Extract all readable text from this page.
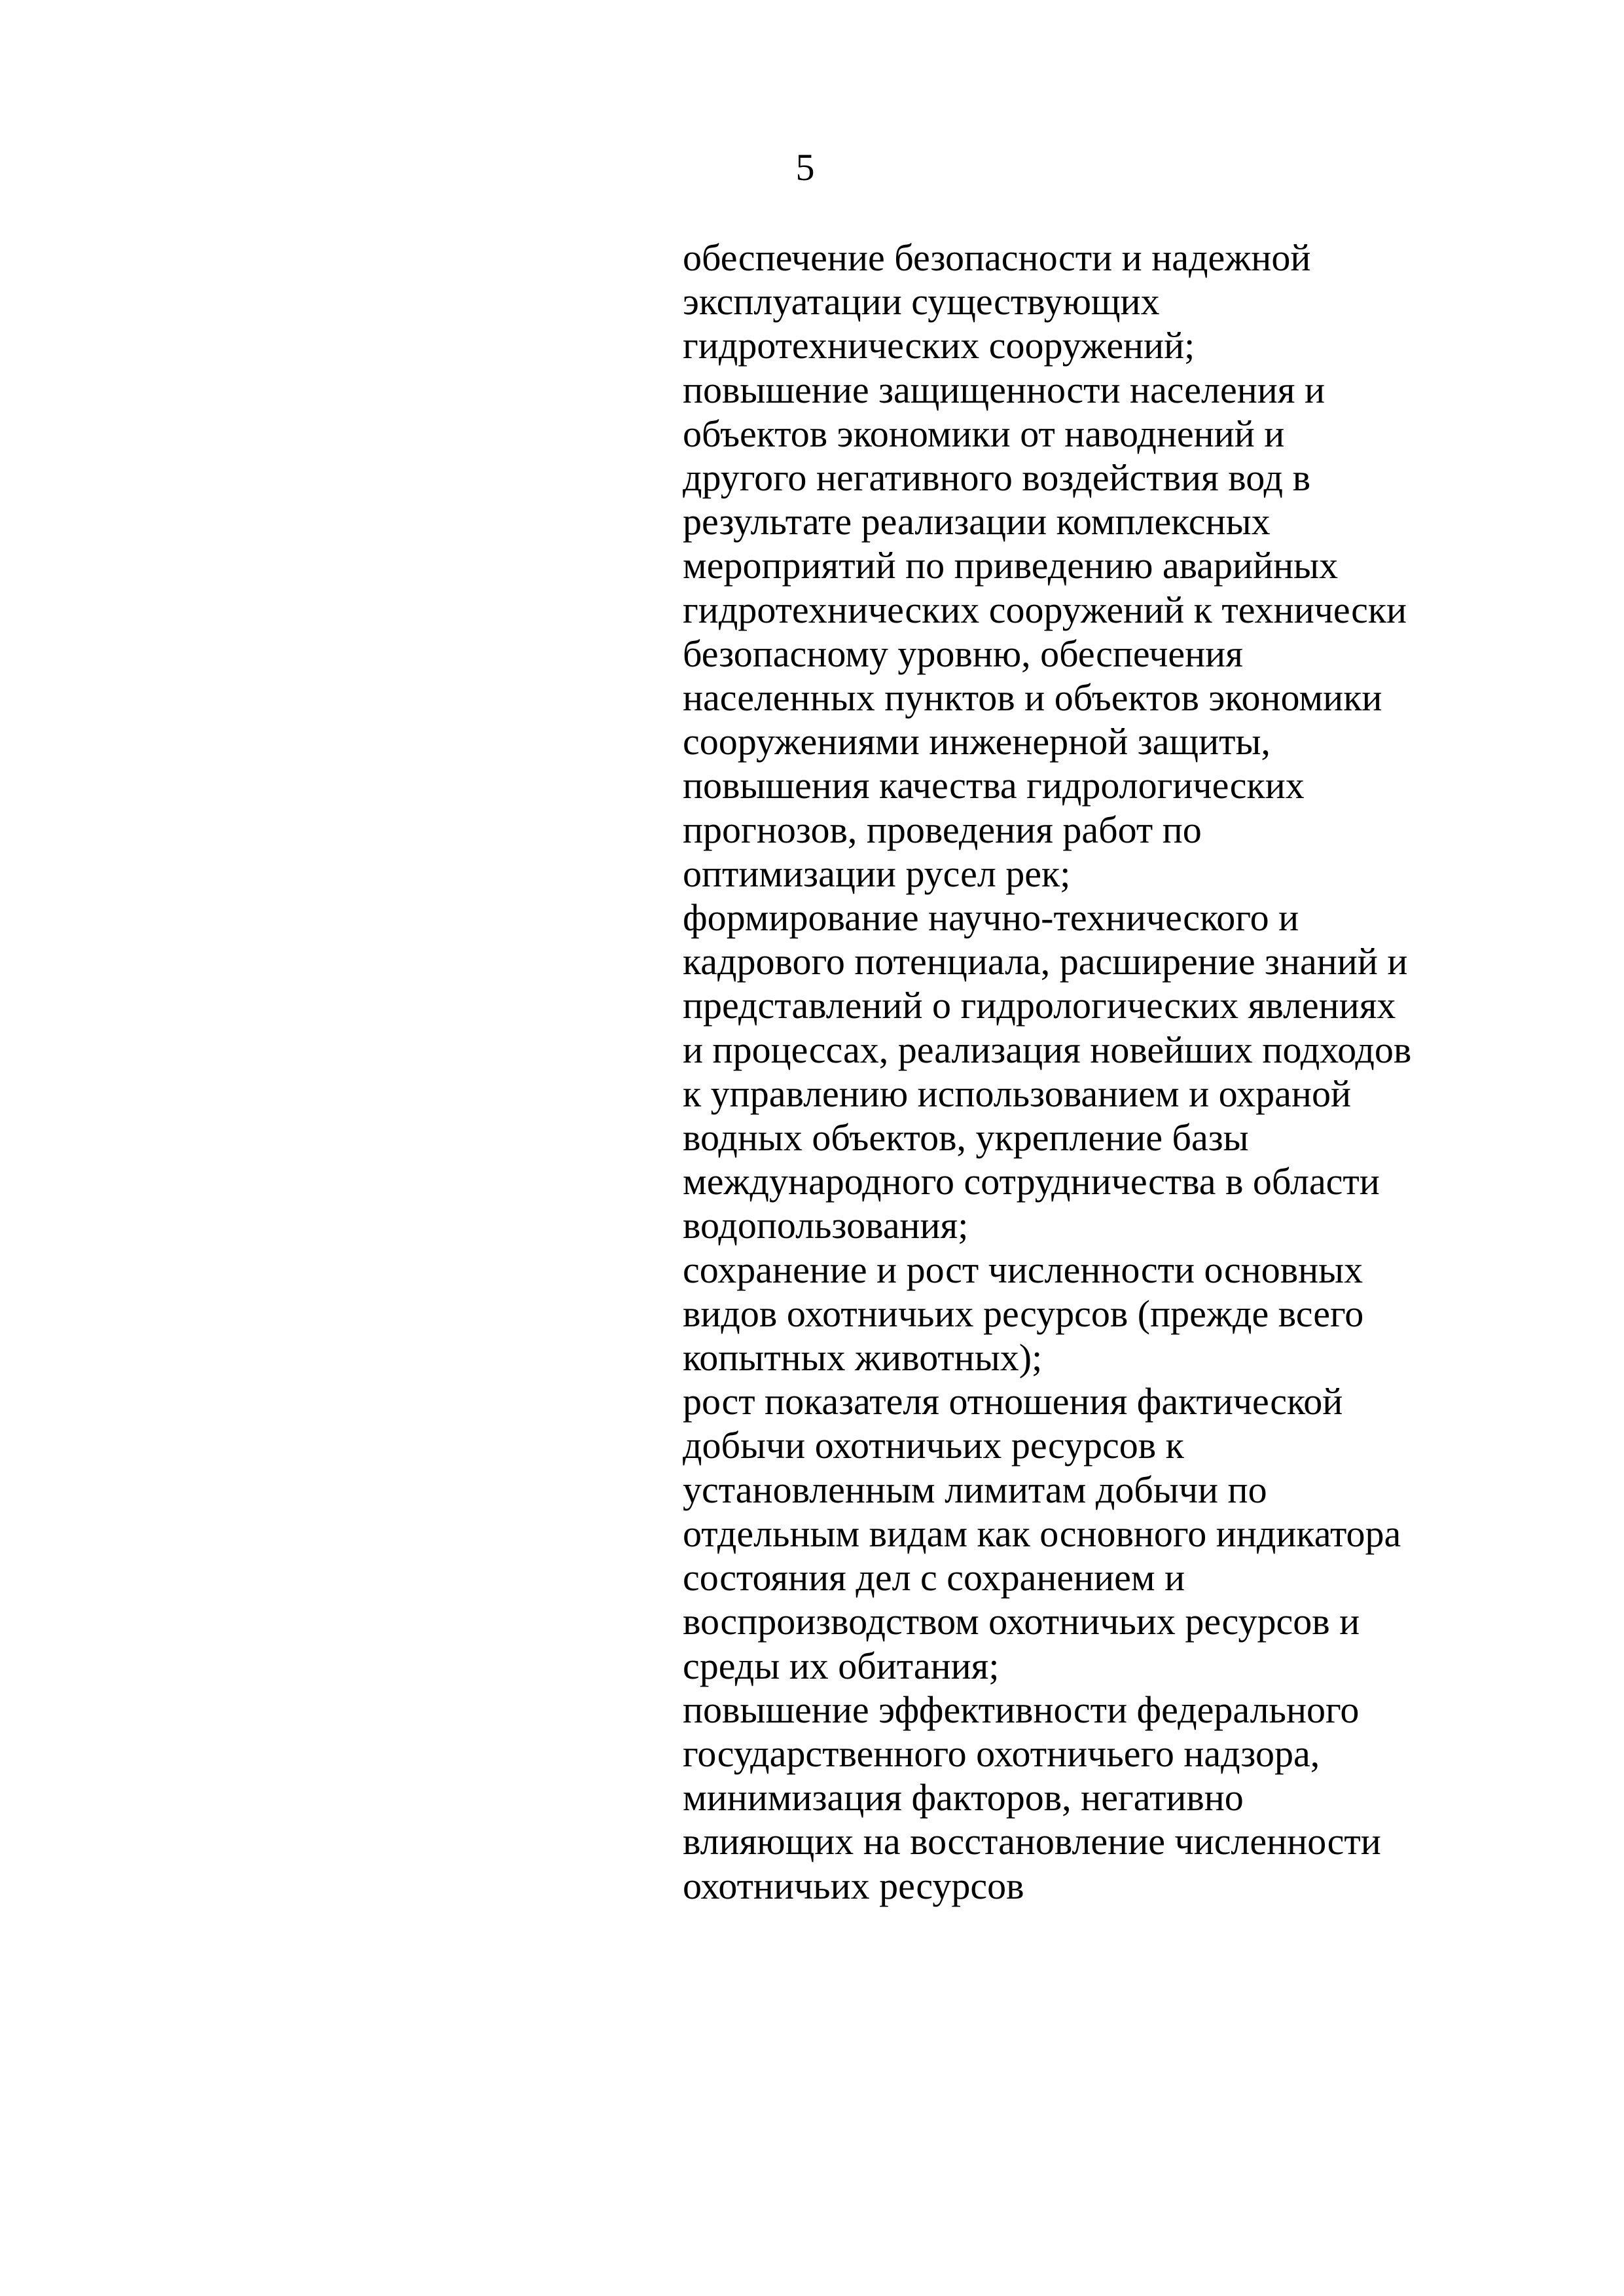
5
обеспечение безопасности и надежной
эксплуатации существующих
гидротехнических сооружений;
повышение защищенности населения и
объектов экономики от наводнений и
другого негативного воздействия вод в
результате реализации комплексных
мероприятий по приведению аварийных
гидротехнических сооружений к технически
безопасному уровню, обеспечения
населенных пунктов и объектов экономики
сооружениями инженерной защиты,
повышения качества гидрологических
прогнозов, проведения работ по
оптимизации русел рек;
формирование научно-технического и
кадрового потенциала, расширение знаний и
представлений о гидрологических явлениях
и процессах, реализация новейших подходов
к управлению использованием и охраной
водных объектов, укрепление базы
международного сотрудничества в области
водопользования;
сохранение и рост численности основных
видов охотничьих ресурсов (прежде всего
копытных животных);
рост показателя отношения фактической
добычи охотничьих ресурсов к
установленным лимитам добычи по
отдельным видам как основного индикатора
состояния дел с сохранением и
воспроизводством охотничьих ресурсов и
среды их обитания;
повышение эффективности федерального
государственного охотничьего надзора,
минимизация факторов, негативно
влияющих на восстановление численности
охотничьих ресурсов
